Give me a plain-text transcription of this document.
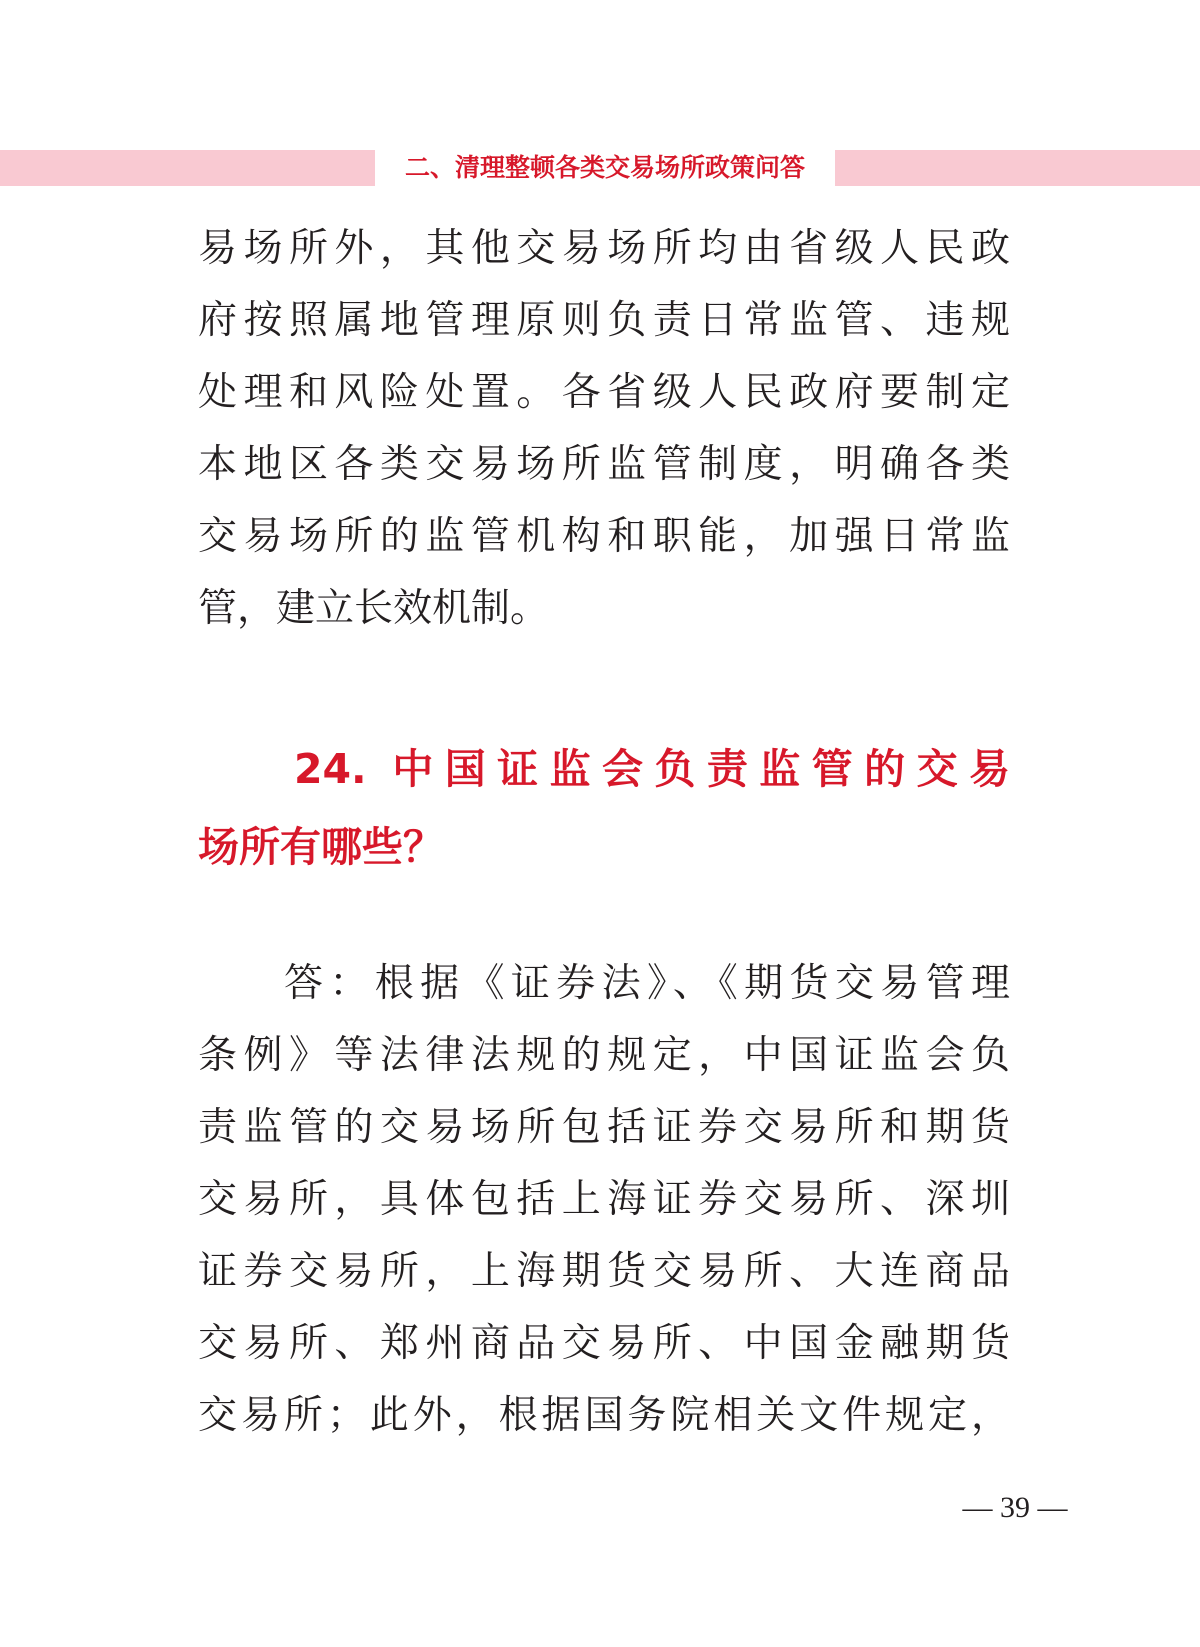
二、清理整顿各类交易场所政策问答
易场所外，其他交易场所均由省级人民政
府按照属地管理原则负责日常监管、违规
处理和风险处置。各省级人民政府要制定
本地区各类交易场所监管制度，明确各类
交易场所的监管机构和职能，加强日常监
管，建立长效机制。
24. 中国证监会负责监管的交易
场所有哪些？
答：根据《证券法》、《期货交易管理
条例》等法律法规的规定，中国证监会负
责监管的交易场所包括证券交易所和期货
交易所，具体包括上海证券交易所、深圳
证券交易所，上海期货交易所、大连商品
交易所、郑州商品交易所、中国金融期货
交易所；此外，根据国务院相关文件规定，
— 39 —
